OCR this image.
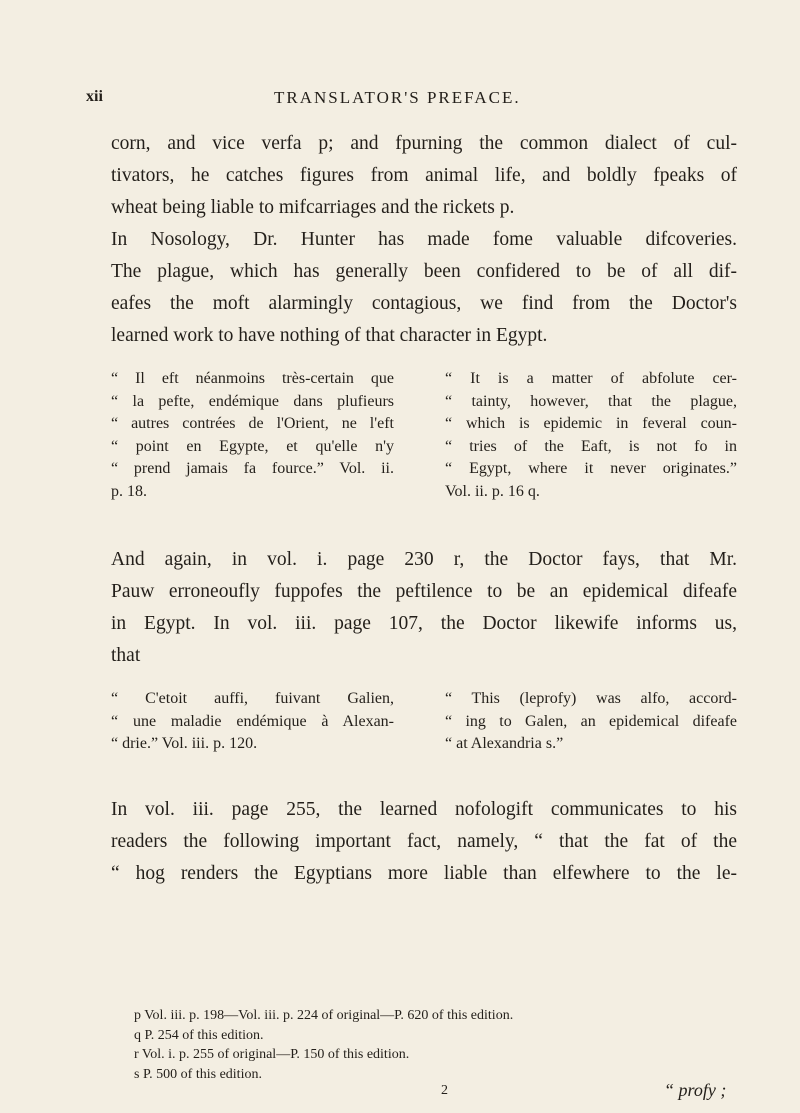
xii	TRANSLATOR'S PREFACE.
corn, and vice verfa p; and fpurning the common dialect of cul-
tivators, he catches figures from animal life, and boldly fpeaks of
wheat being liable to mifcarriages and the rickets p.
In Nosology, Dr. Hunter has made fome valuable difcoveries.
The plague, which has generally been confidered to be of all dif-
eafes the moft alarmingly contagious, we find from the Doctor's
learned work to have nothing of that character in Egypt.
“ Il eft néanmoins très-certain que
“ la pefte, endémique dans plufieurs
“ autres contrées de l'Orient, ne l'eft
“ point en Egypte, et qu'elle n'y
“ prend jamais fa fource.” Vol. ii.
p. 18.
“ It is a matter of abfolute cer-
“ tainty, however, that the plague,
“ which is epidemic in feveral coun-
“ tries of the Eaft, is not fo in
“ Egypt, where it never originates.”
Vol. ii. p. 16 q.
And again, in vol. i. page 230 r, the Doctor fays, that Mr.
Pauw erroneoufly fuppofes the peftilence to be an epidemical difeafe
in Egypt. In vol. iii. page 107, the Doctor likewife informs us,
that
“ C'etoit auffi, fuivant Galien,
“ une maladie endémique à Alexan-
“ drie.” Vol. iii. p. 120.
“ This (leprofy) was alfo, accord-
“ ing to Galen, an epidemical difeafe
“ at Alexandria s.”
In vol. iii. page 255, the learned nofologift communicates to his
readers the following important fact, namely, “ that the fat of the
“ hog renders the Egyptians more liable than elfewhere to the le-
p Vol. iii. p. 198—Vol. iii. p. 224 of original—P. 620 of this edition.
q P. 254 of this edition.
r Vol. i. p. 255 of original—P. 150 of this edition.
s P. 500 of this edition.
2	“ profy ;
